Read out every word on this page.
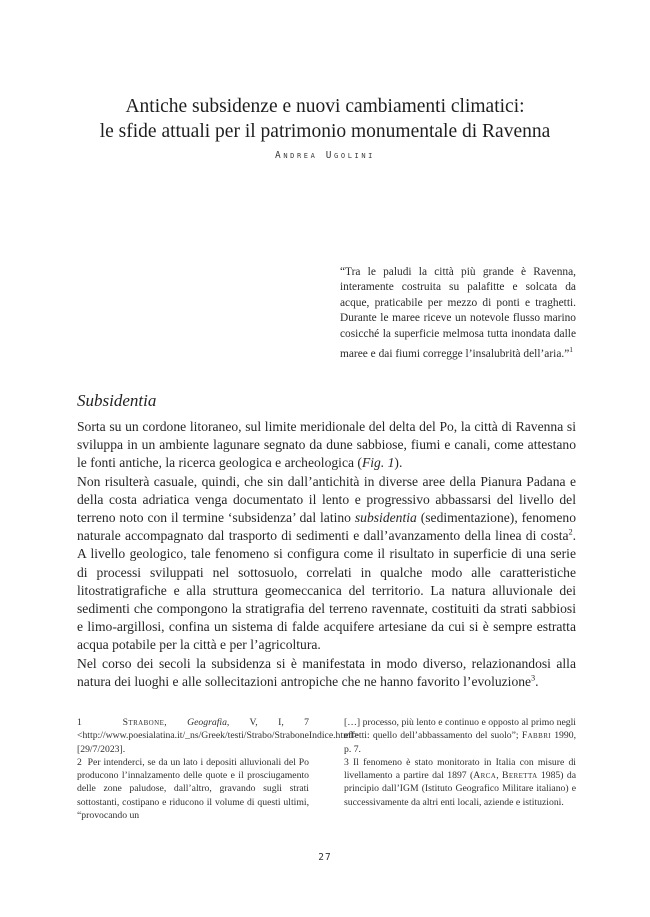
Antiche subsidenze e nuovi cambiamenti climatici:
le sfide attuali per il patrimonio monumentale di Ravenna
Andrea Ugolini
“Tra le paludi la città più grande è Ravenna, interamente costruita su palafitte e solcata da acque, praticabile per mezzo di ponti e traghetti. Durante le maree riceve un notevole flusso marino cosicché la superficie melmosa tutta inondata dalle maree e dai fiumi corregge l’insalubrità dell’aria.”$^1$
Subsidentia

Sorta su un cordone litoraneo, sul limite meridionale del delta del Po, la città di Ravenna si sviluppa in un ambiente lagunare segnato da dune sabbiose, fiumi e canali, come attestano le fonti antiche, la ricerca geologica e archeologica (Fig. 1).

Non risulterà casuale, quindi, che sin dall’antichità in diverse aree della Pianura Padana e della costa adriatica venga documentato il lento e progressivo abbassarsi del livello del terreno noto con il termine ‘subsidenza’ dal latino subsidentia (sedimentazione), fenomeno naturale accompagnato dal trasporto di sedimenti e dall’avanzamento della linea di costa$^2$. A livello geologico, tale fenomeno si configura come il risultato in superficie di una serie di processi sviluppati nel sottosuolo, correlati in qualche modo alle caratteristiche litostratigrafiche e alla struttura geomeccanica del territorio. La natura alluvionale dei sedimenti che compongono la stratigrafia del terreno ravennate, costituiti da strati sabbiosi e limo-argillosi, confina un sistema di falde acquifere artesiane da cui si è sempre estratta acqua potabile per la città e per l’agricoltura.

Nel corso dei secoli la subsidenza si è manifestata in modo diverso, relazionandosi alla natura dei luoghi e alle sollecitazioni antropiche che ne hanno favorito l’evoluzione$^3$.

1	Strabone, Geografia, V, I, 7 <http://www.poesialatina.it/_ns/Greek/testi/Strabo/StraboneIndice.html> [29/7/2023].

2 Per intenderci, se da un lato i depositi alluvionali del Po producono l’innalzamento delle quote e il prosciugamento delle zone paludose, dall’altro, gravando sugli strati sottostanti, costipano e riducono il volume di questi ultimi, “provocando un

[…] processo, più lento e continuo e opposto al primo negli effetti: quello dell’abbassamento del suolo”; Fabbri 1990, p. 7.

3 Il fenomeno è stato monitorato in Italia con misure di livellamento a partire dal 1897 (Arca, Beretta 1985) da principio dall’IGM (Istituto Geografico Militare italiano) e successivamente da altri enti locali, aziende e istituzioni.

27
